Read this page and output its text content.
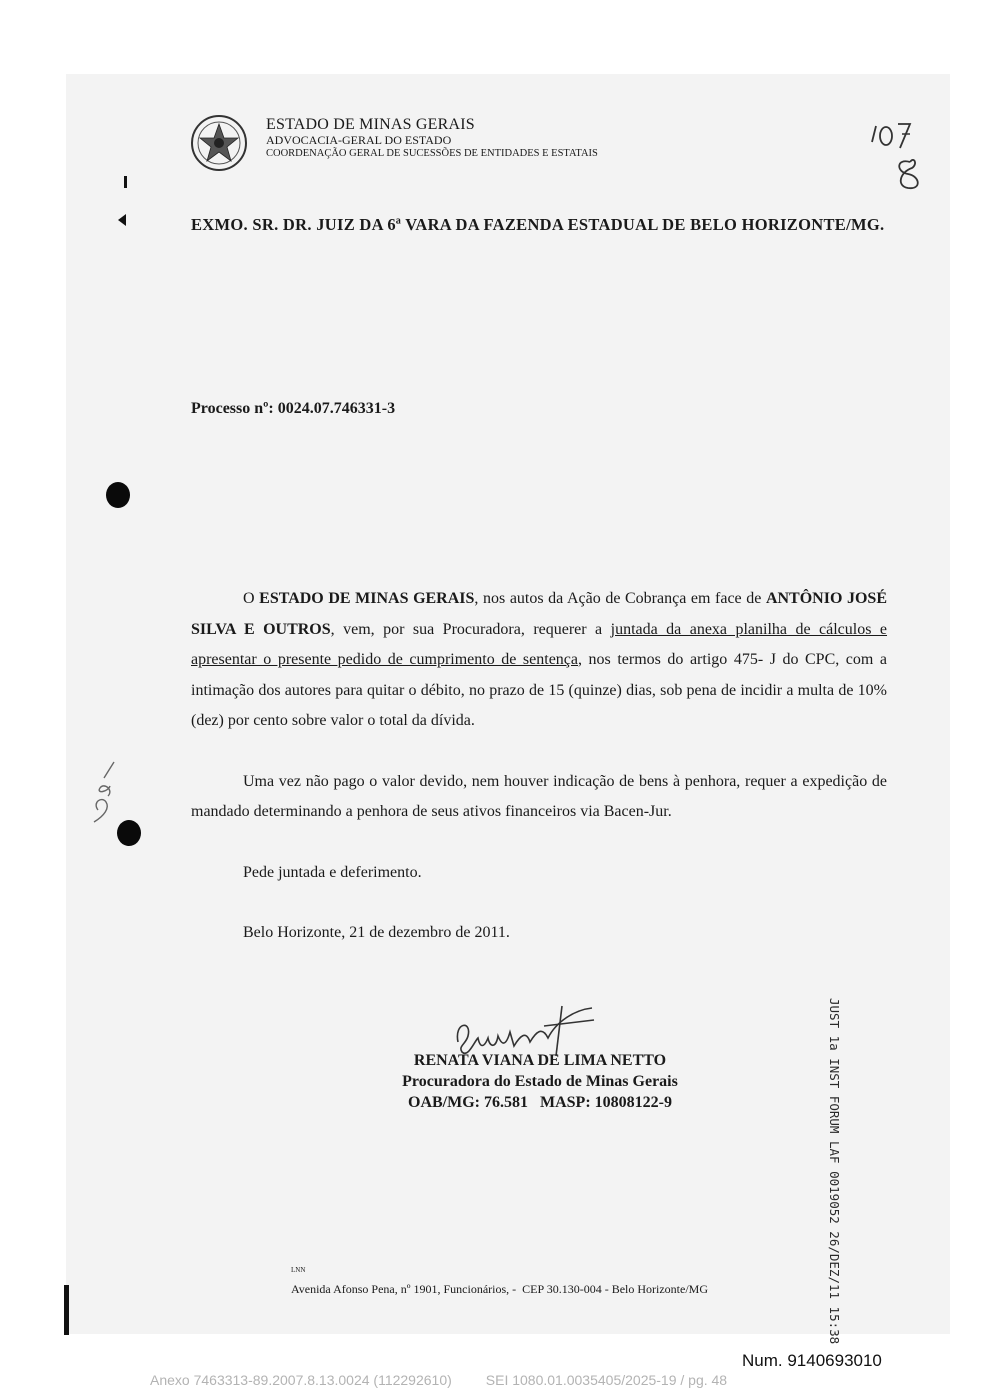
ESTADO DE MINAS GERAIS
ADVOCACIA-GERAL DO ESTADO
COORDENAÇÃO GERAL DE SUCESSÕES DE ENTIDADES E ESTATAIS
EXMO. SR. DR. JUIZ DA 6ª VARA DA FAZENDA ESTADUAL DE BELO HORIZONTE/MG.
Processo nº: 0024.07.746331-3

O ESTADO DE MINAS GERAIS, nos autos da Ação de Cobrança em face de ANTÔNIO JOSÉ SILVA E OUTROS, vem, por sua Procuradora, requerer a juntada da anexa planilha de cálculos e apresentar o presente pedido de cumprimento de sentença, nos termos do artigo 475- J do CPC, com a intimação dos autores para quitar o débito, no prazo de 15 (quinze) dias, sob pena de incidir a multa de 10% (dez) por cento sobre valor o total da dívida.

Uma vez não pago o valor devido, nem houver indicação de bens à penhora, requer a expedição de mandado determinando a penhora de seus ativos financeiros via Bacen-Jur.

Pede juntada e deferimento.

Belo Horizonte, 21 de dezembro de 2011.

RENATA VIANA DE LIMA NETTO
Procuradora do Estado de Minas Gerais
OAB/MG: 76.581   MASP: 10808122-9	JUST 1a INST FORUM LAF 0019052 26/DEZ/11 15:38
LNN
Avenida Afonso Pena, nº 1901, Funcionários, -  CEP 30.130-004 - Belo Horizonte/MG
Num. 9140693010
Anexo 7463313-89.2007.8.13.0024 (112292610) SEI 1080.01.0035405/2025-19 / pg. 48
